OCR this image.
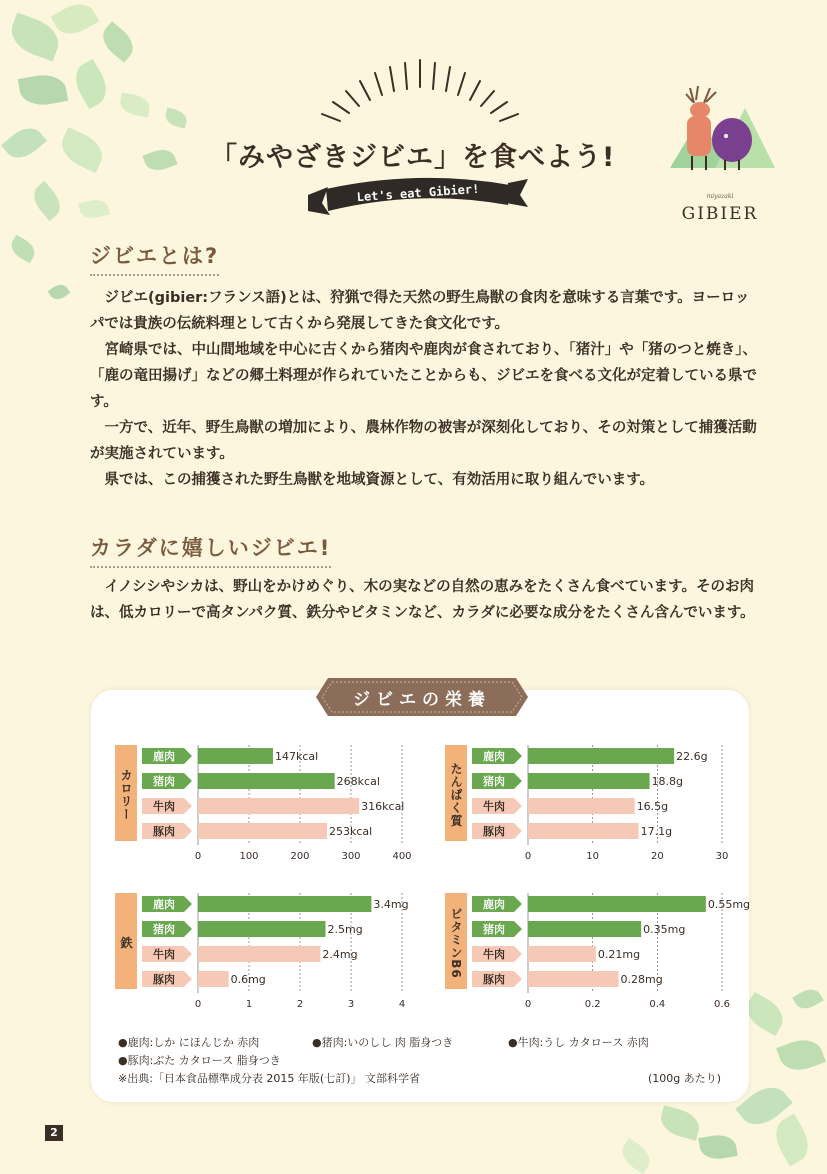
「みやざきジビエ」を食べよう!
Let's eat Gibier!	miyazaki
GIBIER
ジビエとは?

ジビエ(gibier:フランス語)とは、狩猟で得た天然の野生鳥獣の食肉を意味する言葉です。ヨーロッパでは貴族の伝統料理として古くから発展してきた食文化です。

宮崎県では、中山間地域を中心に古くから猪肉や鹿肉が食されており、「猪汁」や「猪のつと焼き」、「鹿の竜田揚げ」などの郷土料理が作られていたことからも、ジビエを食べる文化が定着している県です。

一方で、近年、野生鳥獣の増加により、農林作物の被害が深刻化しており、その対策として捕獲活動が実施されています。

県では、この捕獲された野生鳥獣を地域資源として、有効活用に取り組んでいます。

カラダに嬉しいジビエ!

イノシシやシカは、野山をかけめぐり、木の実などの自然の恵みをたくさん食べています。そのお肉は、低カロリーで高タンパク質、鉄分やビタミンなど、カラダに必要な成分をたくさん含んでいます。

ジビエの栄養
カロリー
0	100	200	300	400
鹿肉	147kcal
猪肉	268kcal
牛肉	316kcal
豚肉	253kcal
たんぱく質
0	10	20	30
鹿肉	22.6g
猪肉	18.8g
牛肉	16.5g
豚肉	17.1g
鉄
0	1	2	3	4
鹿肉	3.4mg
猪肉	2.5mg
牛肉	2.4mg
豚肉	0.6mg
ビタミンB6
0	0.2	0.4	0.6
鹿肉	0.55mg
猪肉	0.35mg
牛肉	0.21mg
豚肉	0.28mg
●鹿肉:しか にほんじか 赤肉	●猪肉:いのしし 肉 脂身つき	●牛肉:うし カタロース 赤肉
●豚肉:ぶた カタロース 脂身つき
※出典:「日本食品標準成分表 2015 年版(七訂)」 文部科学省	(100g あたり)
2
